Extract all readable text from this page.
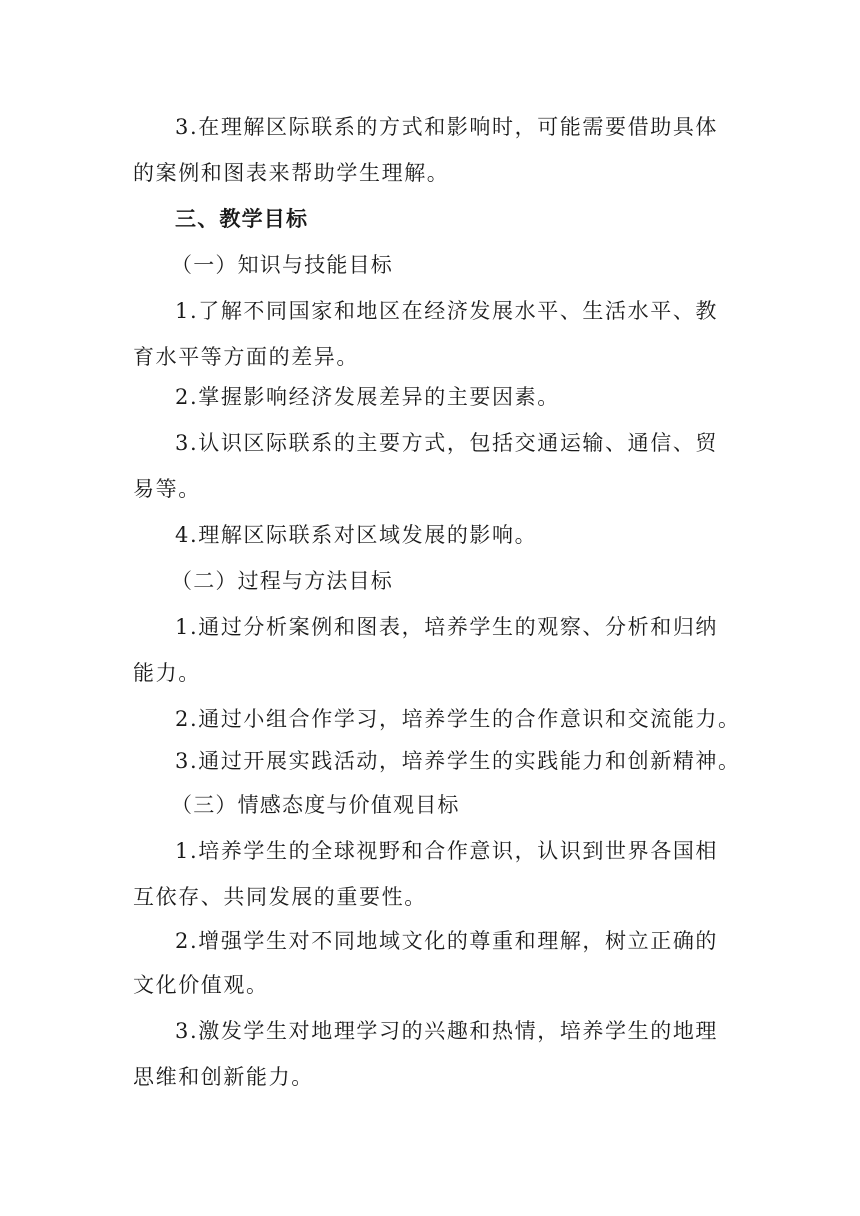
3.在理解区际联系的方式和影响时，可能需要借助具体
的案例和图表来帮助学生理解。
三、教学目标
（一）知识与技能目标
1.了解不同国家和地区在经济发展水平、生活水平、教
育水平等方面的差异。
2.掌握影响经济发展差异的主要因素。
3.认识区际联系的主要方式，包括交通运输、通信、贸
易等。
4.理解区际联系对区域发展的影响。
（二）过程与方法目标
1.通过分析案例和图表，培养学生的观察、分析和归纳
能力。
2.通过小组合作学习，培养学生的合作意识和交流能力。
3.通过开展实践活动，培养学生的实践能力和创新精神。
（三）情感态度与价值观目标
1.培养学生的全球视野和合作意识，认识到世界各国相
互依存、共同发展的重要性。
2.增强学生对不同地域文化的尊重和理解，树立正确的
文化价值观。
3.激发学生对地理学习的兴趣和热情，培养学生的地理
思维和创新能力。
